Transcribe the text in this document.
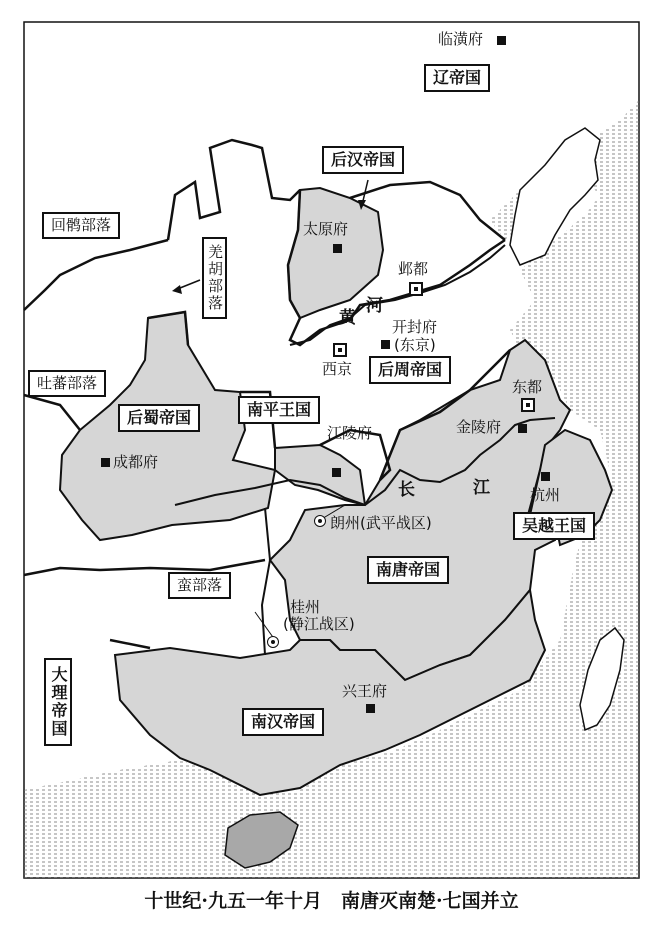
辽帝国
后汉帝国
后周帝国
后蜀帝国	南平王国
南唐帝国
吴越王国
南汉帝国
大理帝国
回鹘部落
羌胡部落
吐蕃部落
蛮部落
临潢府
太原府
邺都
开封府
(东京)
西京
成都府
江陵府
东都
金陵府
杭州
朗州(武平战区)
桂州
(静江战区)
兴王府
黄
河
长	江
十世纪·九五一年十月　南唐灭南楚·七国并立
